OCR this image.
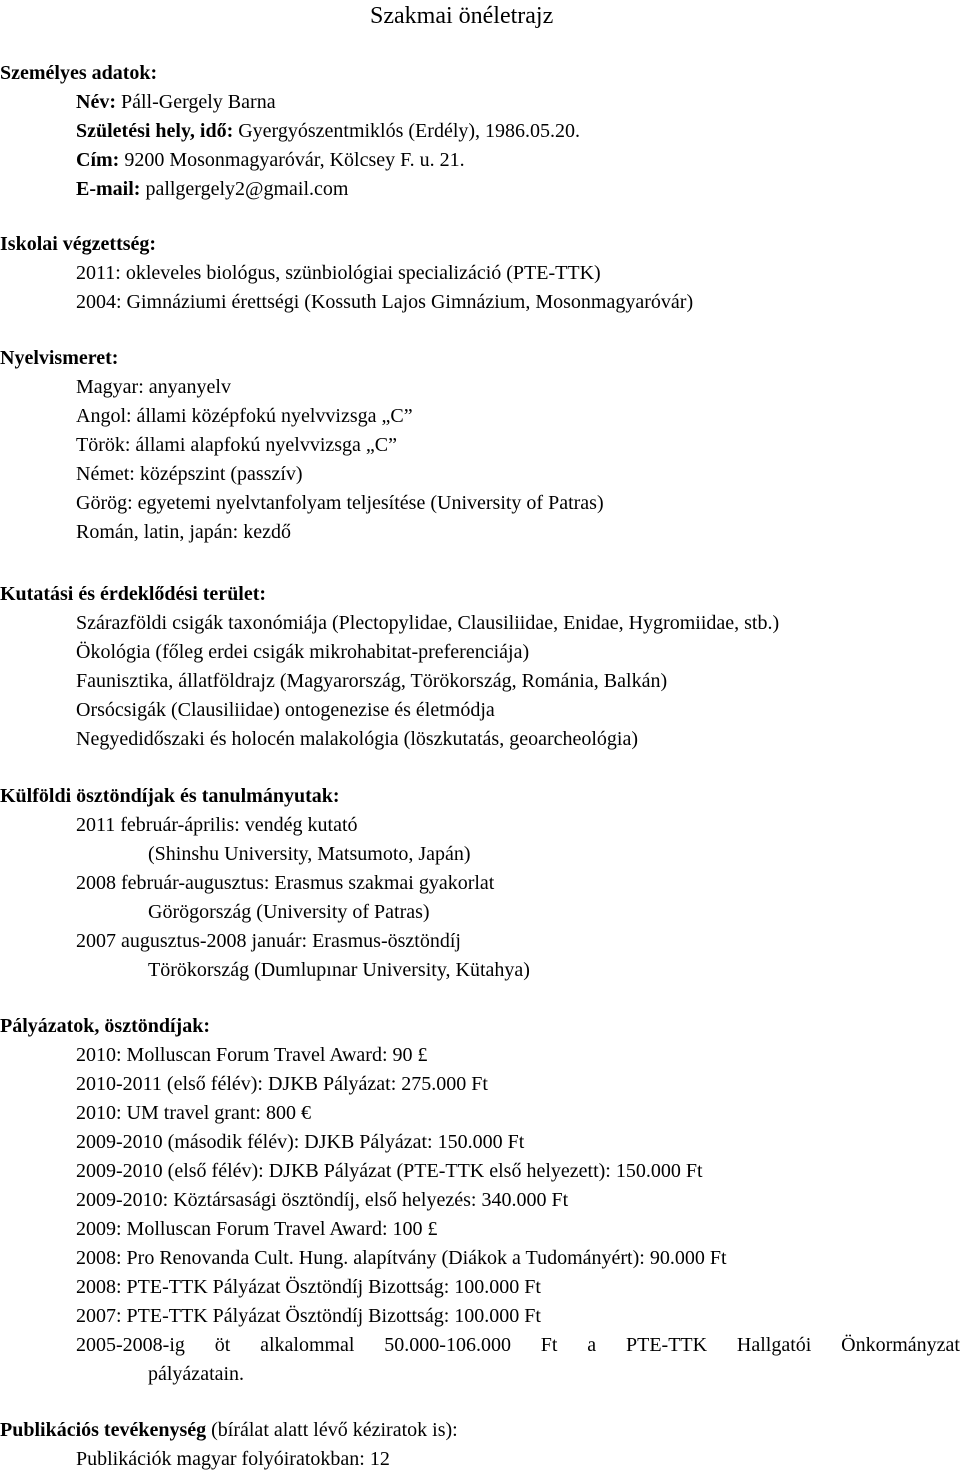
Szakmai önéletrajz

Személyes adatok:

Név: Páll-Gergely Barna

Születési hely, idő: Gyergyószentmiklós (Erdély), 1986.05.20.

Cím: 9200 Mosonmagyaróvár, Kölcsey F. u. 21.

E-mail: pallgergely2@gmail.com

Iskolai végzettség:

2011: okleveles biológus, szünbiológiai specializáció (PTE-TTK)

2004: Gimnáziumi érettségi (Kossuth Lajos Gimnázium, Mosonmagyaróvár)

Nyelvismeret:

Magyar: anyanyelv

Angol: állami középfokú nyelvvizsga „C”

Török: állami alapfokú nyelvvizsga „C”

Német: középszint (passzív)

Görög: egyetemi nyelvtanfolyam teljesítése (University of Patras)

Román, latin, japán: kezdő

Kutatási és érdeklődési terület:

Szárazföldi csigák taxonómiája (Plectopylidae, Clausiliidae, Enidae, Hygromiidae, stb.)

Ökológia (főleg erdei csigák mikrohabitat-preferenciája)

Faunisztika, állatföldrajz (Magyarország, Törökország, Románia, Balkán)

Orsócsigák (Clausiliidae) ontogenezise és életmódja

Negyedidőszaki és holocén malakológia (löszkutatás, geoarcheológia)

Külföldi ösztöndíjak és tanulmányutak:

2011 február-április: vendég kutató

(Shinshu University, Matsumoto, Japán)

2008 február-augusztus: Erasmus szakmai gyakorlat

Görögország (University of Patras)

2007 augusztus-2008 január: Erasmus-ösztöndíj

Törökország (Dumlupınar University, Kütahya)

Pályázatok, ösztöndíjak:

2010: Molluscan Forum Travel Award: 90 £

2010-2011 (első félév): DJKB Pályázat: 275.000 Ft

2010: UM travel grant: 800 €

2009-2010 (második félév): DJKB Pályázat: 150.000 Ft

2009-2010 (első félév): DJKB Pályázat (PTE-TTK első helyezett): 150.000 Ft

2009-2010: Köztársasági ösztöndíj, első helyezés: 340.000 Ft

2009: Molluscan Forum Travel Award: 100 £

2008: Pro Renovanda Cult. Hung. alapítvány (Diákok a Tudományért): 90.000 Ft

2008: PTE-TTK Pályázat Ösztöndíj Bizottság: 100.000 Ft

2007: PTE-TTK Pályázat Ösztöndíj Bizottság: 100.000 Ft

2005-2008-ig öt alkalommal 50.000-106.000 Ft a PTE-TTK Hallgatói Önkormányzat

pályázatain.

Publikációs tevékenység (bírálat alatt lévő kéziratok is):

Publikációk magyar folyóiratokban: 12
